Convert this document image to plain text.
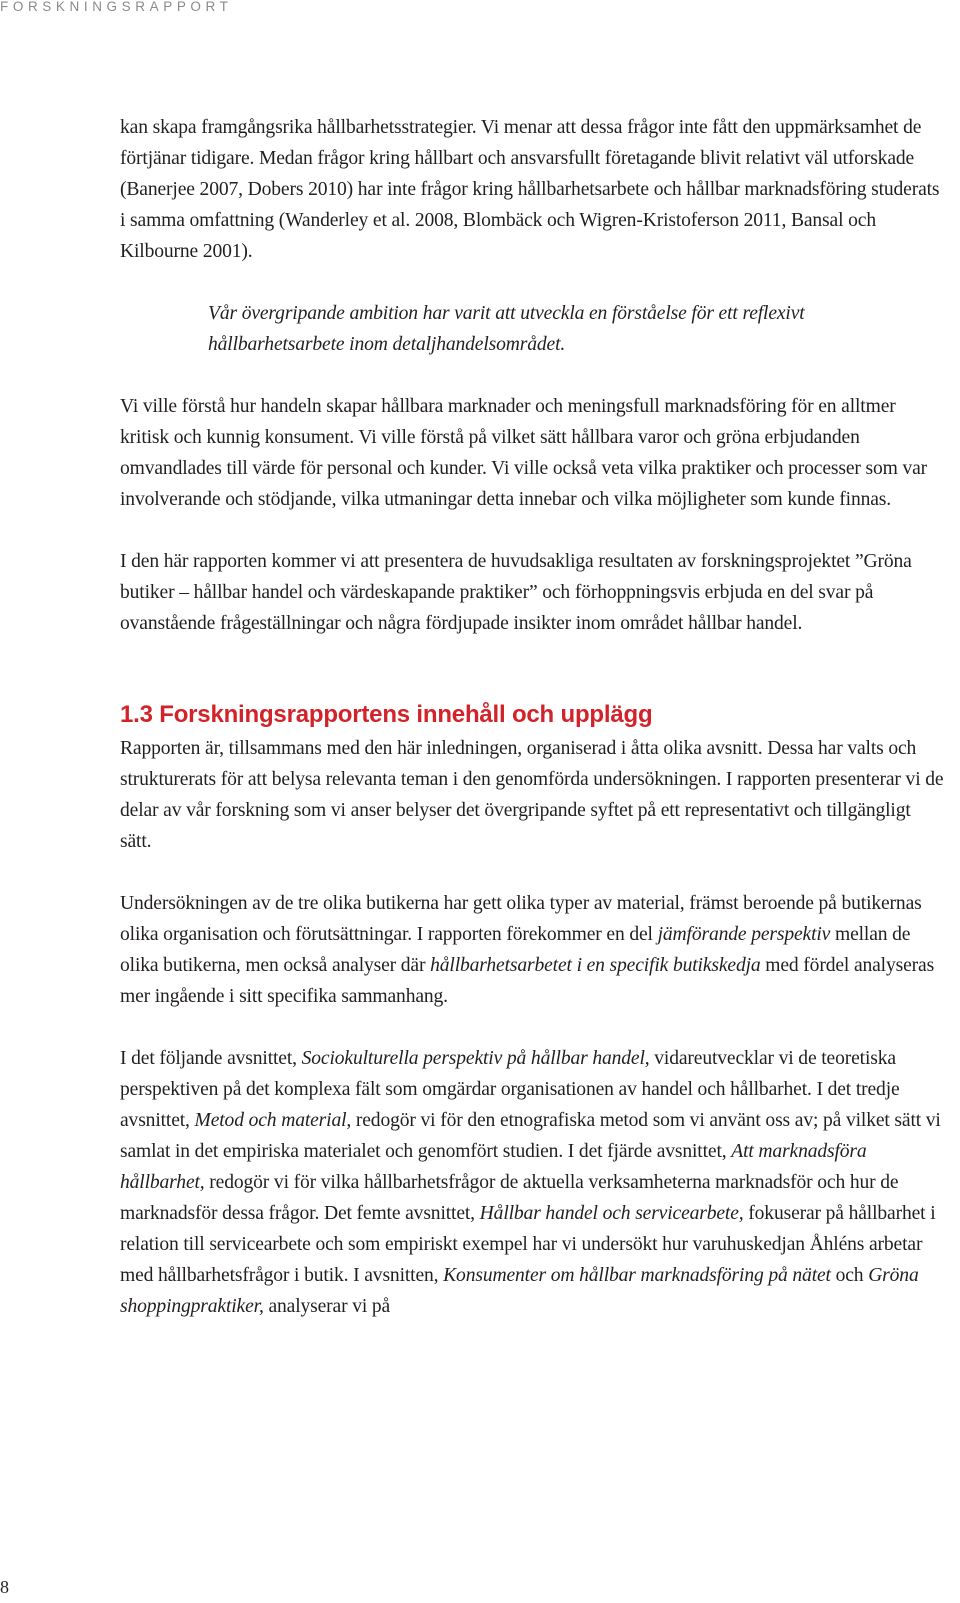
FORSKNINGSRAPPORT

kan skapa framgångsrika hållbarhetsstrategier. Vi menar att dessa frågor inte fått den uppmärksamhet de förtjänar tidigare. Medan frågor kring hållbart och ansvarsfullt företagande blivit relativt väl utforskade (Banerjee 2007, Dobers 2010) har inte frågor kring hållbarhetsarbete och hållbar marknadsföring studerats i samma omfattning (Wanderley et al. 2008, Blombäck och Wigren-Kristoferson 2011, Bansal och Kilbourne 2001).

Vår övergripande ambition har varit att utveckla en förståelse för ett reflexivt hållbarhetsarbete inom detaljhandelsområdet.

Vi ville förstå hur handeln skapar hållbara marknader och meningsfull marknadsföring för en alltmer kritisk och kunnig konsument. Vi ville förstå på vilket sätt hållbara varor och gröna erbjudanden omvandlades till värde för personal och kunder. Vi ville också veta vilka praktiker och processer som var involverande och stödjande, vilka utmaningar detta innebar och vilka möjligheter som kunde finnas.

I den här rapporten kommer vi att presentera de huvudsakliga resultaten av forskningsprojektet ”Gröna butiker – hållbar handel och värdeskapande praktiker” och förhoppningsvis erbjuda en del svar på ovanstående frågeställningar och några fördjupade insikter inom området hållbar handel.

1.3 Forskningsrapportens innehåll och upplägg

Rapporten är, tillsammans med den här inledningen, organiserad i åtta olika avsnitt. Dessa har valts och strukturerats för att belysa relevanta teman i den genomförda undersökningen. I rapporten presenterar vi de delar av vår forskning som vi anser belyser det övergripande syftet på ett representativt och tillgängligt sätt.

Undersökningen av de tre olika butikerna har gett olika typer av material, främst beroende på butikernas olika organisation och förutsättningar. I rapporten förekommer en del jämförande perspektiv mellan de olika butikerna, men också analyser där hållbarhetsarbetet i en specifik butikskedja med fördel analyseras mer ingående i sitt specifika sammanhang.

I det följande avsnittet, Sociokulturella perspektiv på hållbar handel, vidareutvecklar vi de teoretiska perspektiven på det komplexa fält som omgärdar organisationen av handel och hållbarhet. I det tredje avsnittet, Metod och material, redogör vi för den etnografiska metod som vi använt oss av; på vilket sätt vi samlat in det empiriska materialet och genomfört studien. I det fjärde avsnittet, Att marknadsföra hållbarhet, redogör vi för vilka hållbarhetsfrågor de aktuella verksamheterna marknadsför och hur de marknadsför dessa frågor. Det femte avsnittet, Hållbar handel och servicearbete, fokuserar på hållbarhet i relation till servicearbete och som empiriskt exempel har vi undersökt hur varuhuskedjan Åhléns arbetar med hållbarhetsfrågor i butik. I avsnitten, Konsumenter om hållbar marknadsföring på nätet och Gröna shoppingpraktiker, analyserar vi på

8
